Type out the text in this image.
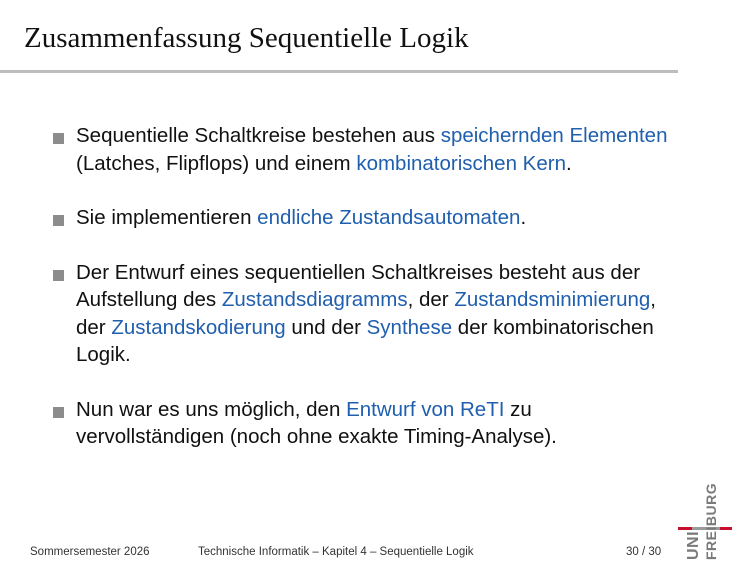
Zusammenfassung Sequentielle Logik
Sequentielle Schaltkreise bestehen aus speichernden Elementen (Latches, Flipflops) und einem kombinatorischen Kern.
Sie implementieren endliche Zustandsautomaten.
Der Entwurf eines sequentiellen Schaltkreises besteht aus der Aufstellung des Zustandsdiagramms, der Zustandsminimierung, der Zustandskodierung und der Synthese der kombinatorischen Logik.
Nun war es uns möglich, den Entwurf von ReTI zu vervollständigen (noch ohne exakte Timing-Analyse).
Sommersemester 2026	Technische Informatik – Kapitel 4 – Sequentielle Logik	30 / 30 UNI FREIBURG
